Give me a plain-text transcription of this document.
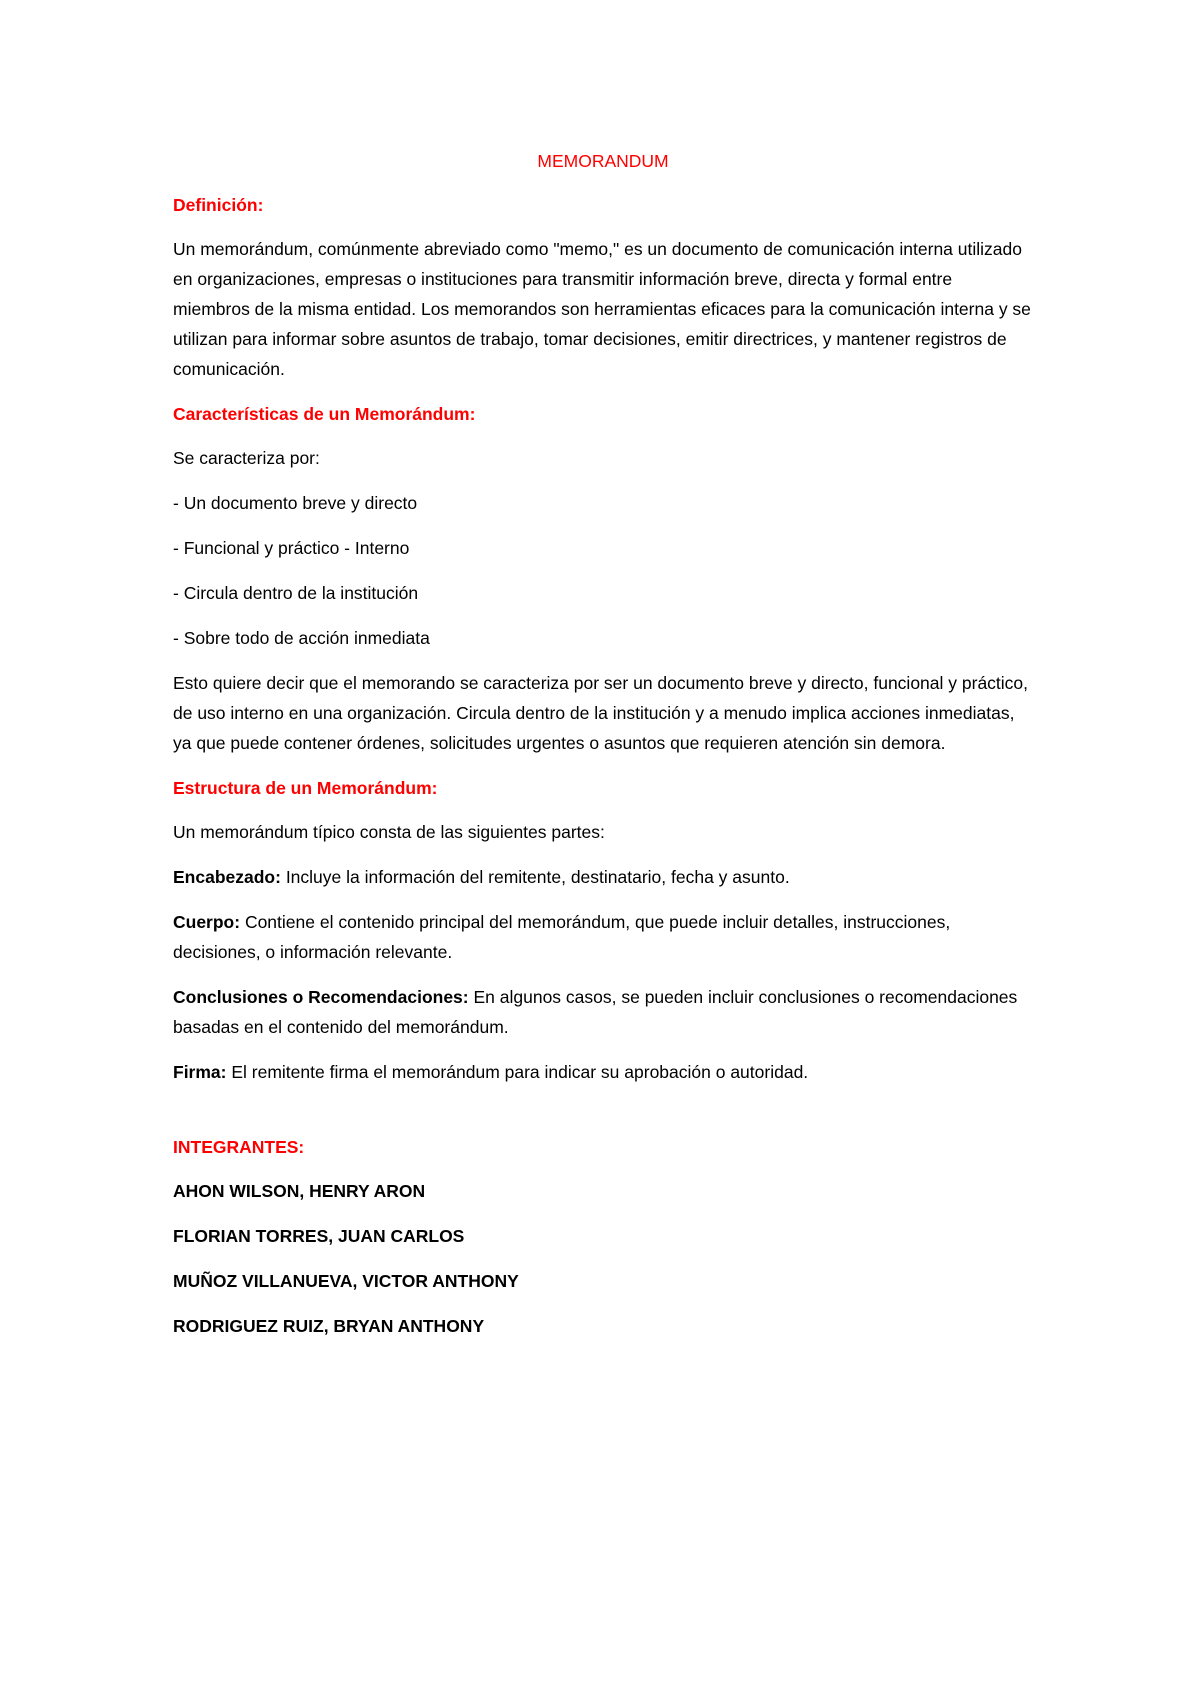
MEMORANDUM
Definición:

Un memorándum, comúnmente abreviado como "memo," es un documento de comunicación interna utilizado en organizaciones, empresas o instituciones para transmitir información breve, directa y formal entre miembros de la misma entidad. Los memorandos son herramientas eficaces para la comunicación interna y se utilizan para informar sobre asuntos de trabajo, tomar decisiones, emitir directrices, y mantener registros de comunicación.

Características de un Memorándum:

Se caracteriza por:

- Un documento breve y directo
- Funcional y práctico - Interno
- Circula dentro de la institución
- Sobre todo de acción inmediata

Esto quiere decir que el memorando se caracteriza por ser un documento breve y directo, funcional y práctico, de uso interno en una organización. Circula dentro de la institución y a menudo implica acciones inmediatas, ya que puede contener órdenes, solicitudes urgentes o asuntos que requieren atención sin demora.

Estructura de un Memorándum:

Un memorándum típico consta de las siguientes partes:

Encabezado: Incluye la información del remitente, destinatario, fecha y asunto.

Cuerpo: Contiene el contenido principal del memorándum, que puede incluir detalles, instrucciones, decisiones, o información relevante.

Conclusiones o Recomendaciones: En algunos casos, se pueden incluir conclusiones o recomendaciones basadas en el contenido del memorándum.

Firma: El remitente firma el memorándum para indicar su aprobación o autoridad.

INTEGRANTES:
AHON WILSON, HENRY ARON
FLORIAN TORRES, JUAN CARLOS
MUÑOZ VILLANUEVA, VICTOR ANTHONY
RODRIGUEZ RUIZ, BRYAN ANTHONY
